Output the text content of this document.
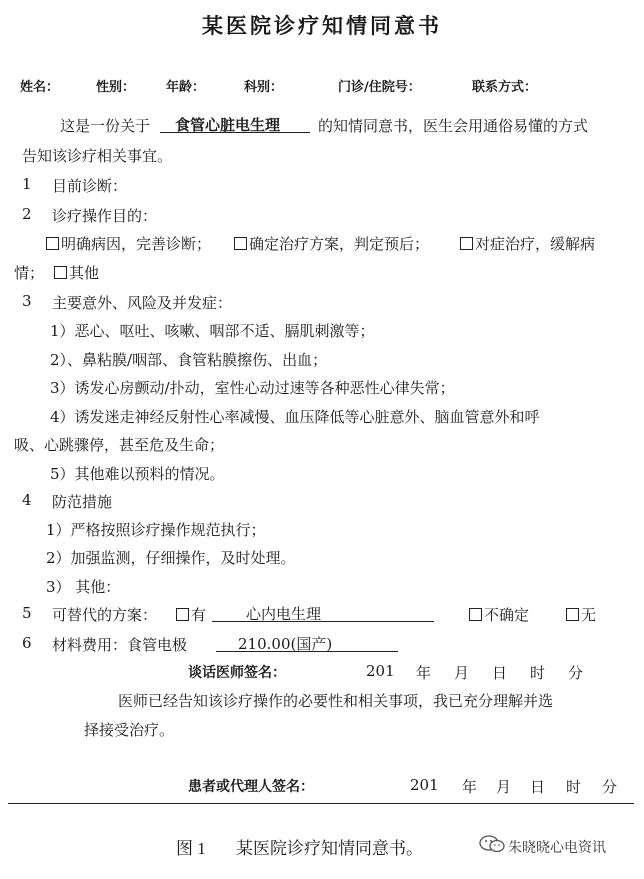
某医院诊疗知情同意书
姓名：	性别： 年龄：	科别：	门诊/住院号：	联系方式：
这是一份关于 食管心脏电生理	的知情同意书，医生会用通俗易懂的方式
告知该诊疗相关事宜。
1 目前诊断：
2 诊疗操作目的：
明确病因，完善诊断；	确定治疗方案，判定预后；	对症治疗，缓解病
情；	其他
3 主要意外、风险及并发症：
1）恶心、呕吐、咳嗽、咽部不适、膈肌刺激等；
2）、鼻粘膜/咽部、食管粘膜擦伤、出血；
3）诱发心房颤动/扑动，室性心动过速等各种恶性心律失常；
4）诱发迷走神经反射性心率减慢、血压降低等心脏意外、脑血管意外和呼
吸、心跳骤停，甚至危及生命；
5）其他难以预料的情况。
4 防范措施
1）严格按照诊疗操作规范执行；
2）加强监测，仔细操作，及时处理。
3） 其他：
5 可替代的方案：	有	心内电生理	不确定	无
6 材料费用：食管电极	210.00(国产)
谈话医师签名：	201 年 月 日 时 分
医师已经告知该诊疗操作的必要性和相关事项，我已充分理解并选
择接受治疗。
患者或代理人签名：	201 年 月 日 时 分
图 1 某医院诊疗知情同意书。	朱晓晓心电资讯
